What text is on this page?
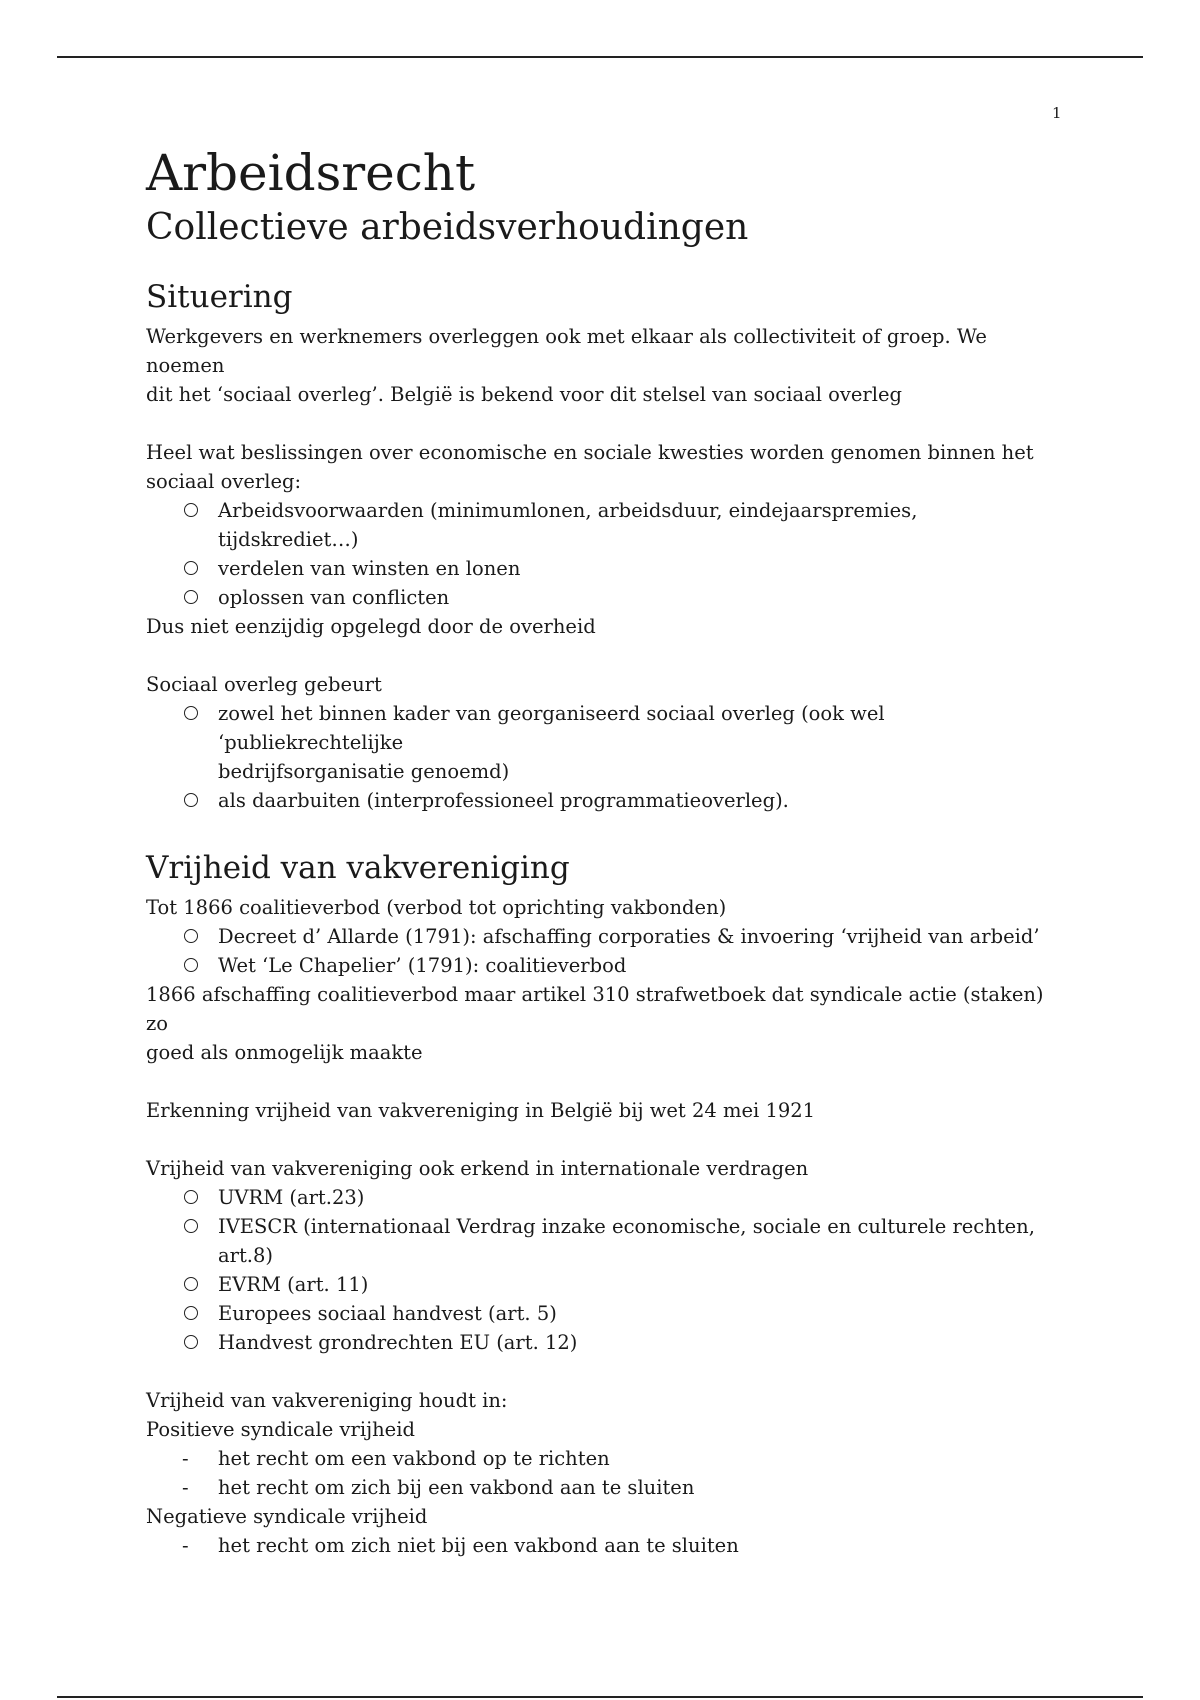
1
Arbeidsrecht
Collectieve arbeidsverhoudingen
Situering
Werkgevers en werknemers overleggen ook met elkaar als collectiviteit of groep. We noemen
dit het ‘sociaal overleg’. België is bekend voor dit stelsel van sociaal overleg
Heel wat beslissingen over economische en sociale kwesties worden genomen binnen het
sociaal overleg:
Arbeidsvoorwaarden (minimumlonen, arbeidsduur, eindejaarspremies,
tijdskrediet…)
verdelen van winsten en lonen
oplossen van conflicten
Dus niet eenzijdig opgelegd door de overheid
Sociaal overleg gebeurt
zowel het binnen kader van georganiseerd sociaal overleg (ook wel ‘publiekrechtelijke
bedrijfsorganisatie genoemd)
als daarbuiten (interprofessioneel programmatieoverleg).
Vrijheid van vakvereniging
Tot 1866 coalitieverbod (verbod tot oprichting vakbonden)
Decreet d’ Allarde (1791): afschaffing corporaties & invoering ‘vrijheid van arbeid’
Wet ‘Le Chapelier’ (1791): coalitieverbod
1866 afschaffing coalitieverbod maar artikel 310 strafwetboek dat syndicale actie (staken) zo
goed als onmogelijk maakte
Erkenning vrijheid van vakvereniging in België bij wet 24 mei 1921
Vrijheid van vakvereniging ook erkend in internationale verdragen
UVRM (art.23)
IVESCR (internationaal Verdrag inzake economische, sociale en culturele rechten,
art.8)
EVRM (art. 11)
Europees sociaal handvest (art. 5)
Handvest grondrechten EU (art. 12)
Vrijheid van vakvereniging houdt in:
Positieve syndicale vrijheid
- het recht om een vakbond op te richten
- het recht om zich bij een vakbond aan te sluiten
Negatieve syndicale vrijheid
- het recht om zich niet bij een vakbond aan te sluiten
